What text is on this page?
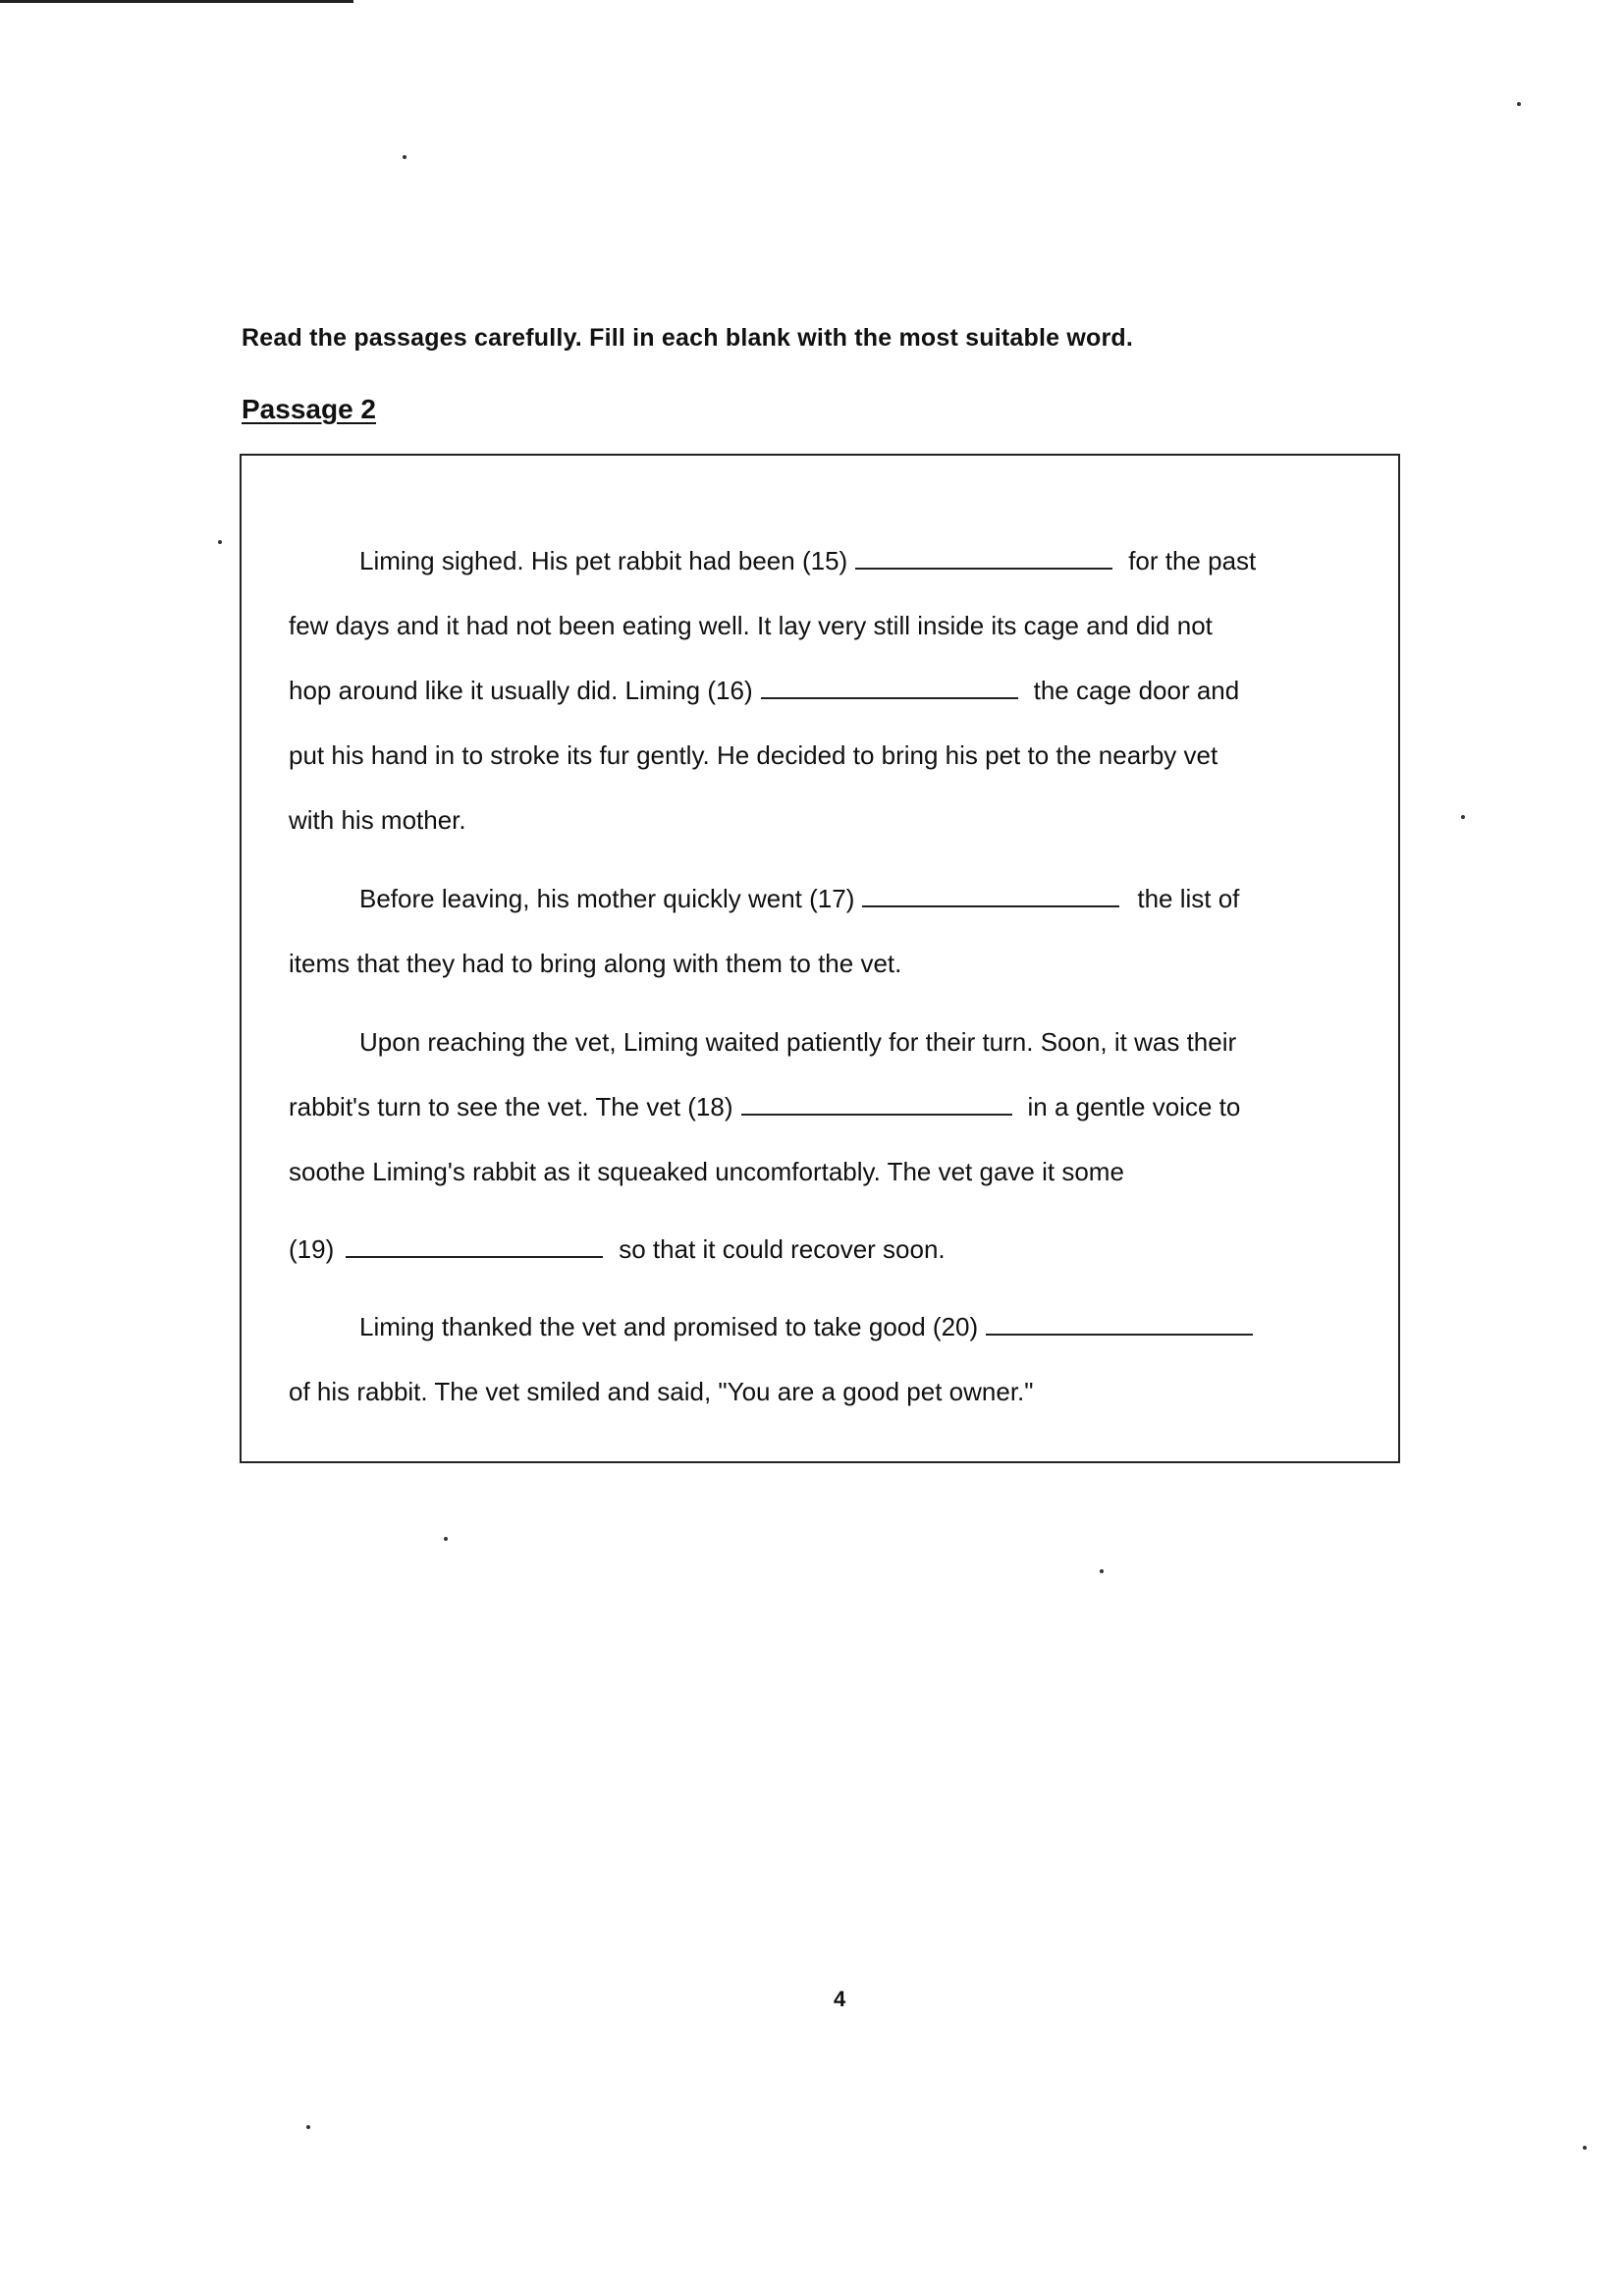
Read the passages carefully. Fill in each blank with the most suitable word.
Passage 2
Liming sighed. His pet rabbit had been (15)	for the past
few days and it had not been eating well. It lay very still inside its cage and did not
hop around like it usually did. Liming (16)	the cage door and
put his hand in to stroke its fur gently. He decided to bring his pet to the nearby vet
with his mother.
Before leaving, his mother quickly went (17)	the list of
items that they had to bring along with them to the vet.
Upon reaching the vet, Liming waited patiently for their turn. Soon, it was their
rabbit's turn to see the vet. The vet (18)	in a gentle voice to
soothe Liming's rabbit as it squeaked uncomfortably. The vet gave it some
(19)	so that it could recover soon.
Liming thanked the vet and promised to take good (20)
of his rabbit. The vet smiled and said, "You are a good pet owner."
4
